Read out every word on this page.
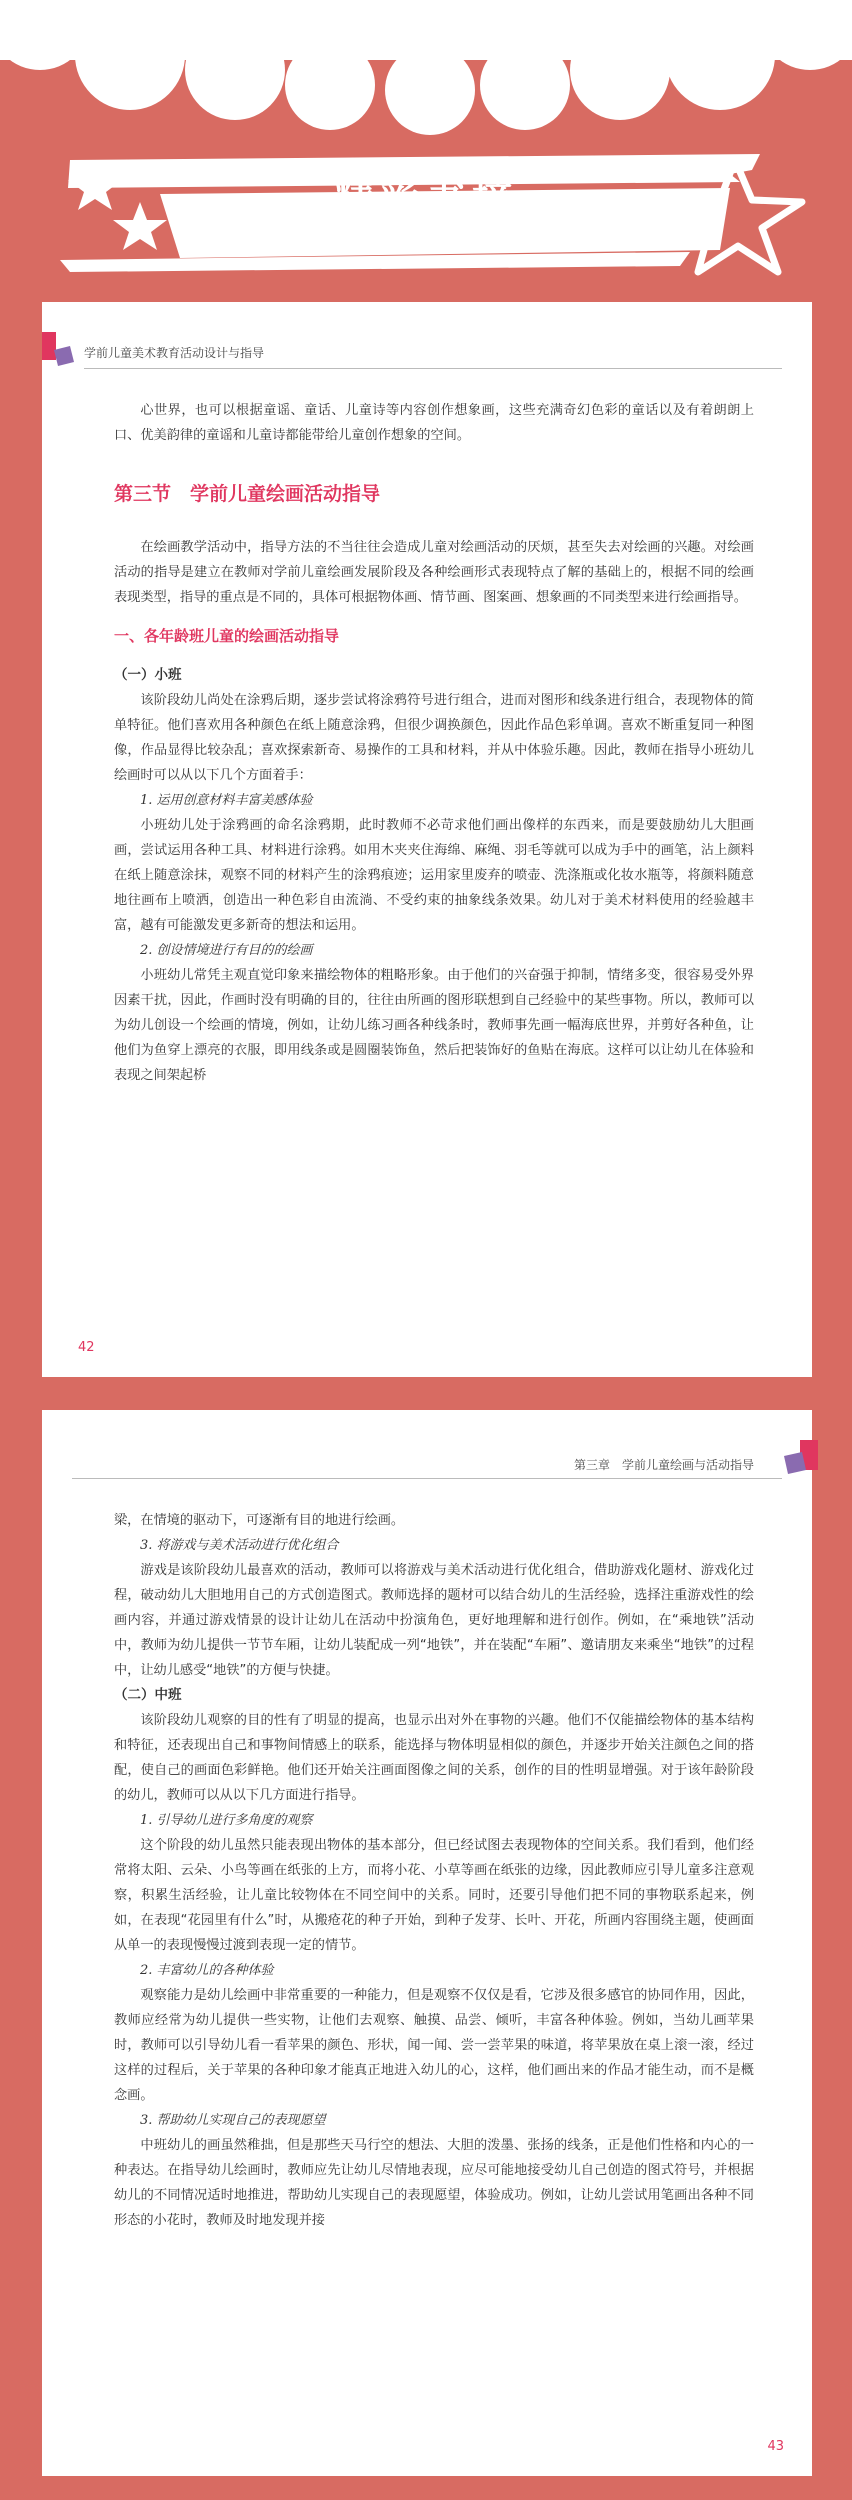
精彩书摘
学前儿童美术教育活动设计与指导

心世界，也可以根据童谣、童话、儿童诗等内容创作想象画，这些充满奇幻色彩的童话以及有着朗朗上口、优美韵律的童谣和儿童诗都能带给儿童创作想象的空间。

第三节　学前儿童绘画活动指导

在绘画教学活动中，指导方法的不当往往会造成儿童对绘画活动的厌烦，甚至失去对绘画的兴趣。对绘画活动的指导是建立在教师对学前儿童绘画发展阶段及各种绘画形式表现特点了解的基础上的，根据不同的绘画表现类型，指导的重点是不同的，具体可根据物体画、情节画、图案画、想象画的不同类型来进行绘画指导。

一、各年龄班儿童的绘画活动指导

（一）小班

该阶段幼儿尚处在涂鸦后期，逐步尝试将涂鸦符号进行组合，进而对图形和线条进行组合，表现物体的简单特征。他们喜欢用各种颜色在纸上随意涂鸦，但很少调换颜色，因此作品色彩单调。喜欢不断重复同一种图像，作品显得比较杂乱；喜欢探索新奇、易操作的工具和材料，并从中体验乐趣。因此，教师在指导小班幼儿绘画时可以从以下几个方面着手：

1. 运用创意材料丰富美感体验

小班幼儿处于涂鸦画的命名涂鸦期，此时教师不必苛求他们画出像样的东西来，而是要鼓励幼儿大胆画画，尝试运用各种工具、材料进行涂鸦。如用木夹夹住海绵、麻绳、羽毛等就可以成为手中的画笔，沾上颜料在纸上随意涂抹，观察不同的材料产生的涂鸦痕迹；运用家里废弃的喷壶、洗涤瓶或化妆水瓶等，将颜料随意地往画布上喷洒，创造出一种色彩自由流淌、不受约束的抽象线条效果。幼儿对于美术材料使用的经验越丰富，越有可能激发更多新奇的想法和运用。

2. 创设情境进行有目的的绘画

小班幼儿常凭主观直觉印象来描绘物体的粗略形象。由于他们的兴奋强于抑制，情绪多变，很容易受外界因素干扰，因此，作画时没有明确的目的，往往由所画的图形联想到自己经验中的某些事物。所以，教师可以为幼儿创设一个绘画的情境，例如，让幼儿练习画各种线条时，教师事先画一幅海底世界，并剪好各种鱼，让他们为鱼穿上漂亮的衣服，即用线条或是圆圈装饰鱼，然后把装饰好的鱼贴在海底。这样可以让幼儿在体验和表现之间架起桥

42
第三章　学前儿童绘画与活动指导

梁，在情境的驱动下，可逐渐有目的地进行绘画。

3. 将游戏与美术活动进行优化组合

游戏是该阶段幼儿最喜欢的活动，教师可以将游戏与美术活动进行优化组合，借助游戏化题材、游戏化过程，破动幼儿大胆地用自己的方式创造图式。教师选择的题材可以结合幼儿的生活经验，选择注重游戏性的绘画内容，并通过游戏情景的设计让幼儿在活动中扮演角色，更好地理解和进行创作。例如，在“乘地铁”活动中，教师为幼儿提供一节节车厢，让幼儿装配成一列“地铁”，并在装配“车厢”、邀请朋友来乘坐“地铁”的过程中，让幼儿感受“地铁”的方便与快捷。

（二）中班

该阶段幼儿观察的目的性有了明显的提高，也显示出对外在事物的兴趣。他们不仅能描绘物体的基本结构和特征，还表现出自己和事物间情感上的联系，能选择与物体明显相似的颜色，并逐步开始关注颜色之间的搭配，使自己的画面色彩鲜艳。他们还开始关注画面图像之间的关系，创作的目的性明显增强。对于该年龄阶段的幼儿，教师可以从以下几方面进行指导。

1. 引导幼儿进行多角度的观察

这个阶段的幼儿虽然只能表现出物体的基本部分，但已经试图去表现物体的空间关系。我们看到，他们经常将太阳、云朵、小鸟等画在纸张的上方，而将小花、小草等画在纸张的边缘，因此教师应引导儿童多注意观察，积累生活经验，让儿童比较物体在不同空间中的关系。同时，还要引导他们把不同的事物联系起来，例如，在表现“花园里有什么”时，从搬疮花的种子开始，到种子发芽、长叶、开花，所画内容围绕主题，使画面从单一的表现慢慢过渡到表现一定的情节。

2. 丰富幼儿的各种体验

观察能力是幼儿绘画中非常重要的一种能力，但是观察不仅仅是看，它涉及很多感官的协同作用，因此，教师应经常为幼儿提供一些实物，让他们去观察、触摸、品尝、倾听，丰富各种体验。例如，当幼儿画苹果时，教师可以引导幼儿看一看苹果的颜色、形状，闻一闻、尝一尝苹果的味道，将苹果放在桌上滚一滚，经过这样的过程后，关于苹果的各种印象才能真正地进入幼儿的心，这样，他们画出来的作品才能生动，而不是概念画。

3. 帮助幼儿实现自己的表现愿望

中班幼儿的画虽然稚拙，但是那些天马行空的想法、大胆的泼墨、张扬的线条，正是他们性格和内心的一种表达。在指导幼儿绘画时，教师应先让幼儿尽情地表现，应尽可能地接受幼儿自己创造的图式符号，并根据幼儿的不同情况适时地推进，帮助幼儿实现自己的表现愿望，体验成功。例如，让幼儿尝试用笔画出各种不同形态的小花时，教师及时地发现并接

43
